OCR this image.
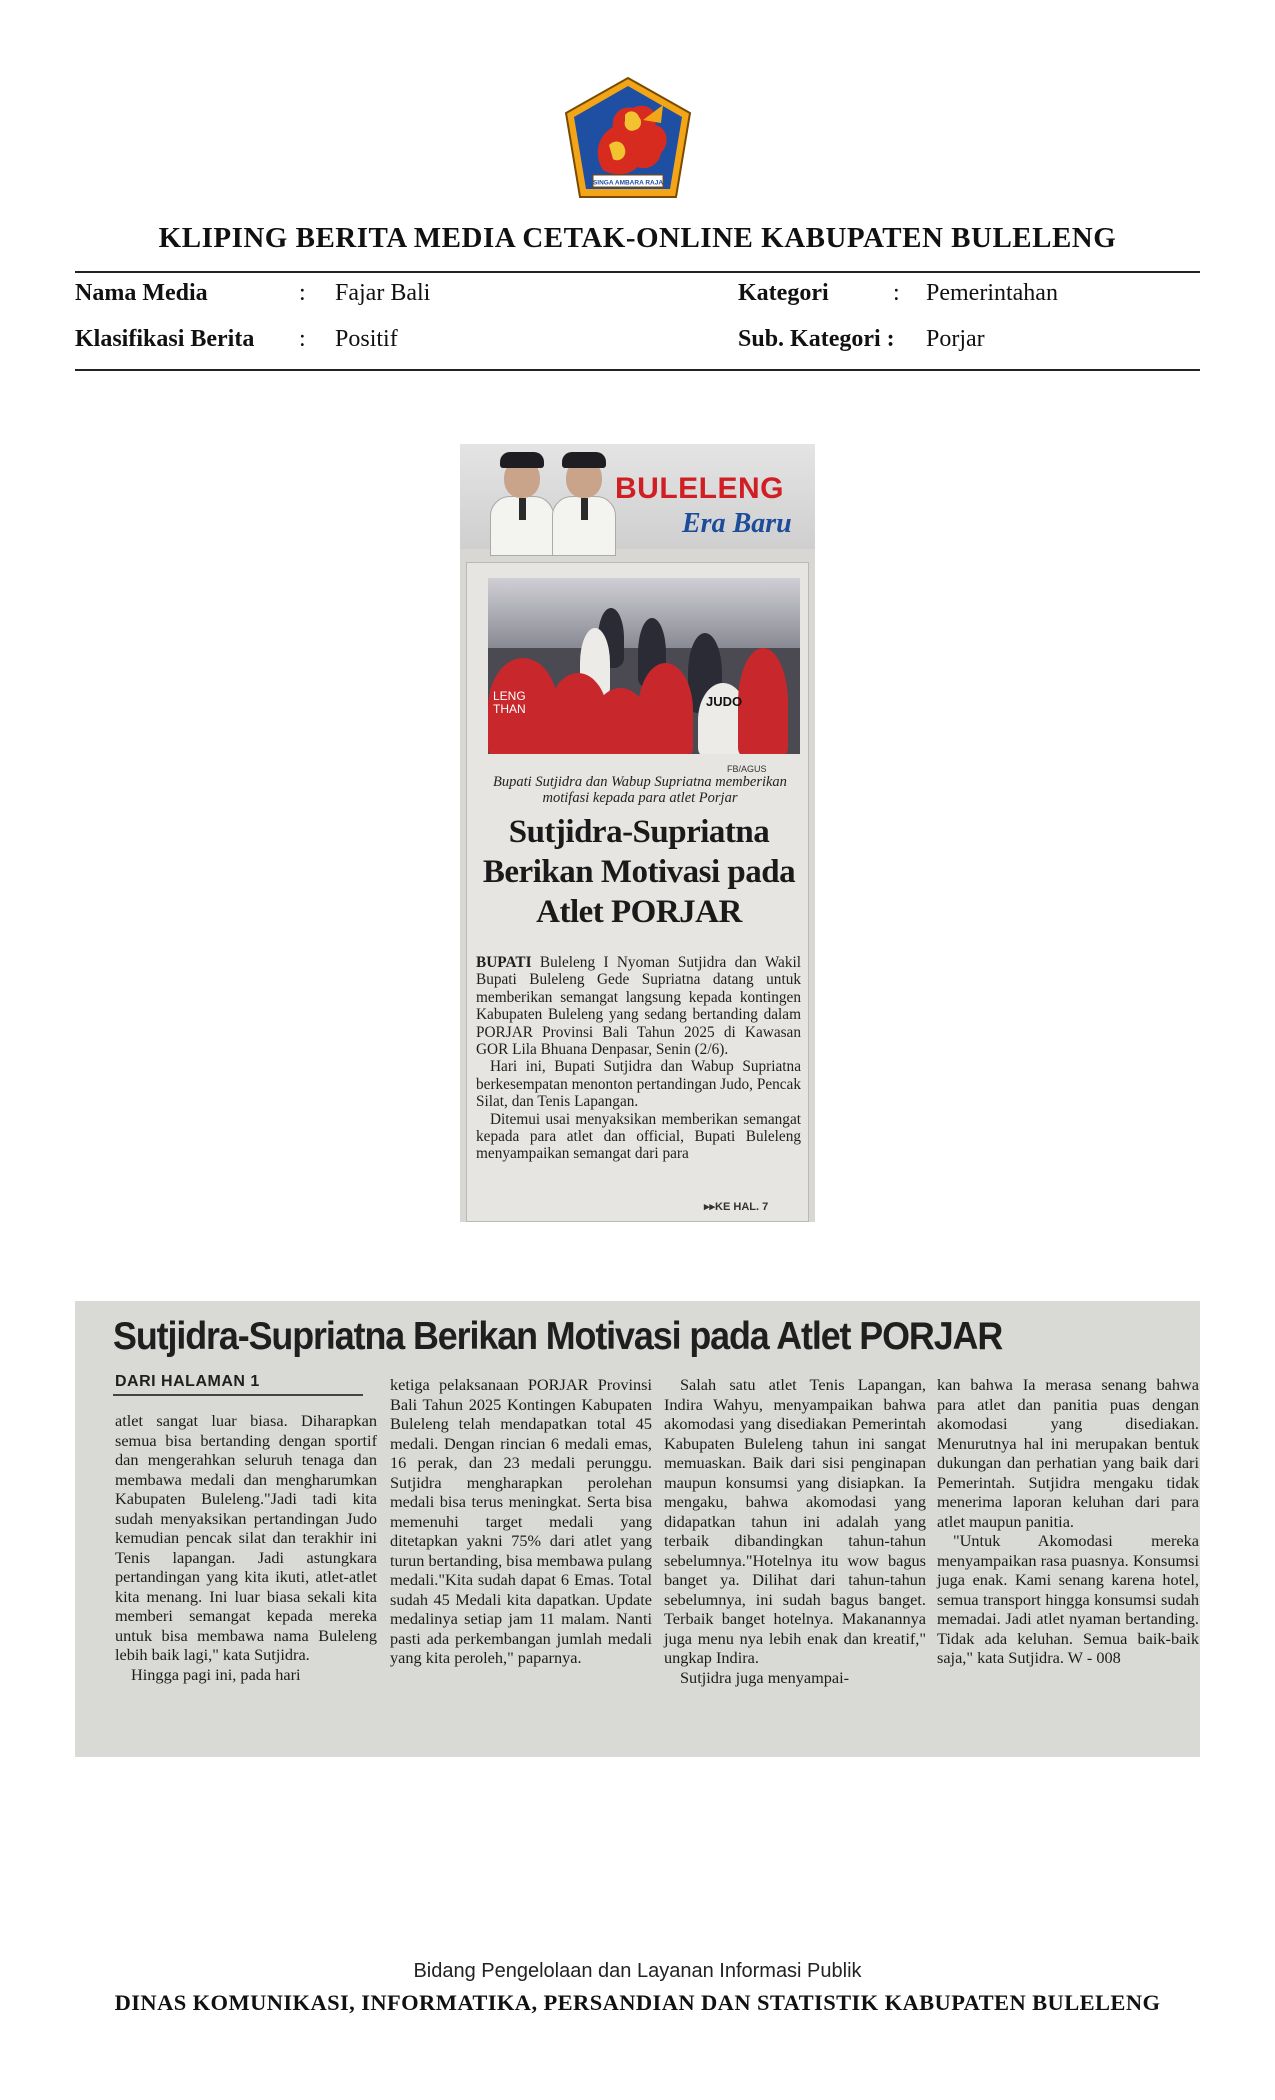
SINGA AMBARA RAJA
KLIPING BERITA MEDIA CETAK-ONLINE KABUPATEN BULELENG
Nama Media	: Fajar Bali	Kategori	: Pemerintahan
Klasifikasi Berita : Positif	Sub. Kategori : Porjar
BULELENG
Era Baru
LENG
THAN	JUDO
FB/AGUS
Bupati Sutjidra dan Wabup Supriatna memberikan motifasi kepada para atlet Porjar
Sutjidra-Supriatna Berikan Motivasi pada Atlet PORJAR

BUPATI Buleleng I Nyoman Sutjidra dan Wakil Bupati Buleleng Gede Supriatna datang untuk memberikan semangat langsung kepada kontingen Kabupaten Buleleng yang sedang bertanding dalam PORJAR Provinsi Bali Tahun 2025 di Kawasan GOR Lila Bhuana Denpasar, Senin (2/6).

Hari ini, Bupati Sutjidra dan Wabup Supriatna berkesempatan menonton pertandingan Judo, Pencak Silat, dan Tenis Lapangan.

Ditemui usai menyaksikan memberikan semangat kepada para atlet dan official, Bupati Buleleng menyampaikan semangat dari para

▸▸KE HAL. 7
Sutjidra-Supriatna Berikan Motivasi pada Atlet PORJAR
DARI HALAMAN 1

atlet sangat luar biasa. Diharapkan semua bisa bertanding dengan sportif dan mengerahkan seluruh tenaga dan membawa medali dan mengharumkan Kabupaten Buleleng."Jadi tadi kita sudah menyaksikan pertandingan Judo kemudian pencak silat dan terakhir ini Tenis lapangan. Jadi astungkara pertandingan yang kita ikuti, atlet-atlet kita menang. Ini luar biasa sekali kita memberi semangat kepada mereka untuk bisa membawa nama Buleleng lebih baik lagi," kata Sutjidra.

Hingga pagi ini, pada hari

ketiga pelaksanaan PORJAR Provinsi Bali Tahun 2025 Kontingen Kabupaten Buleleng telah mendapatkan total 45 medali. Dengan rincian 6 medali emas, 16 perak, dan 23 medali perunggu. Sutjidra mengharapkan perolehan medali bisa terus meningkat. Serta bisa memenuhi target medali yang ditetapkan yakni 75% dari atlet yang turun bertanding, bisa membawa pulang medali."Kita sudah dapat 6 Emas. Total sudah 45 Medali kita dapatkan. Update medalinya setiap jam 11 malam. Nanti pasti ada perkembangan jumlah medali yang kita peroleh," paparnya.

Salah satu atlet Tenis Lapangan, Indira Wahyu, menyampaikan bahwa akomodasi yang disediakan Pemerintah Kabupaten Buleleng tahun ini sangat memuaskan. Baik dari sisi penginapan maupun konsumsi yang disiapkan. Ia mengaku, bahwa akomodasi yang didapatkan tahun ini adalah yang terbaik dibandingkan tahun-tahun sebelumnya."Hotelnya itu wow bagus banget ya. Dilihat dari tahun-tahun sebelumnya, ini sudah bagus banget. Terbaik banget hotelnya. Makanannya juga menu nya lebih enak dan kreatif," ungkap Indira.

Sutjidra juga menyampai-

kan bahwa Ia merasa senang bahwa para atlet dan panitia puas dengan akomodasi yang disediakan. Menurutnya hal ini merupakan bentuk dukungan dan perhatian yang baik dari Pemerintah. Sutjidra mengaku tidak menerima laporan keluhan dari para atlet maupun panitia.

"Untuk Akomodasi mereka menyampaikan rasa puasnya. Konsumsi juga enak. Kami senang karena hotel, semua transport hingga konsumsi sudah memadai. Jadi atlet nyaman bertanding. Tidak ada keluhan. Semua baik-baik saja," kata Sutjidra. W - 008

Bidang Pengelolaan dan Layanan Informasi Publik
DINAS KOMUNIKASI, INFORMATIKA, PERSANDIAN DAN STATISTIK KABUPATEN BULELENG
